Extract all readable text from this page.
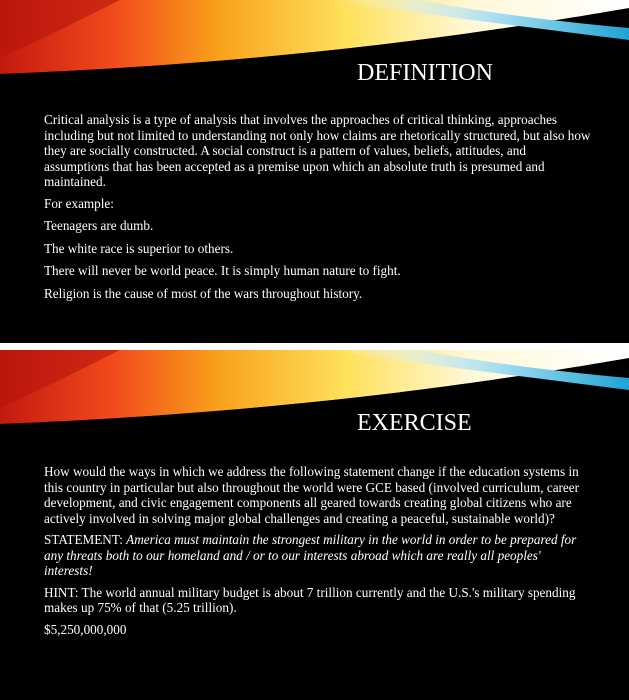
DEFINITION

Critical analysis is a type of analysis that involves the approaches of critical thinking, approaches including but not limited to understanding not only how claims are rhetorically structured, but also how they are socially constructed. A social construct is a pattern of values, beliefs, attitudes, and assumptions that has been accepted as a premise upon which an absolute truth is presumed and maintained.

For example:

Teenagers are dumb.

The white race is superior to others.

There will never be world peace. It is simply human nature to fight.

Religion is the cause of most of the wars throughout history.

EXERCISE

How would the ways in which we address the following statement change if the education systems in this country in particular but also throughout the world were GCE based (involved curriculum, career development, and civic engagement components all geared towards creating global citizens who are actively involved in solving major global challenges and creating a peaceful, sustainable world)?

STATEMENT: America must maintain the strongest military in the world in order to be prepared for any threats both to our homeland and / or to our interests abroad which are really all peoples' interests!

HINT: The world annual military budget is about 7 trillion currently and the U.S.'s military spending makes up 75% of that (5.25 trillion).

$5,250,000,000
